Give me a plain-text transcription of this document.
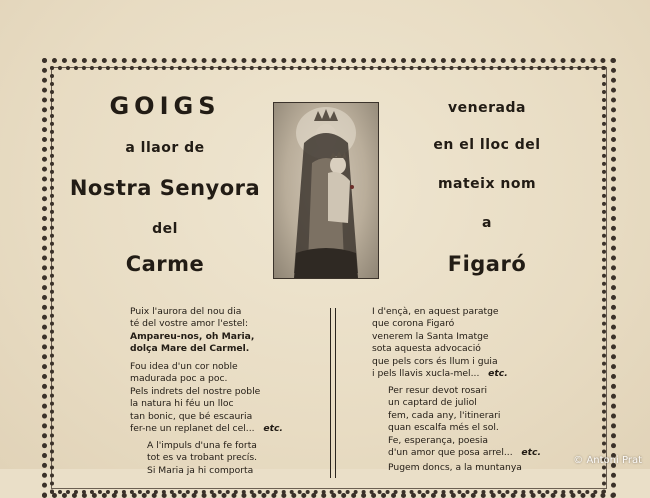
GOIGS
a llaor de
Nostra Senyora
del
Carme
venerada
en el lloc del
mateix nom
a
Figaró
Puix l'aurora del nou dia
té del vostre amor l'estel:
Ampareu-nos, oh Maria,
dolça Mare del Carmel.
Fou idea d'un cor noble
madurada poc a poc.
Pels indrets del nostre poble
la natura hi féu un lloc
tan bonic, que bé escauria
fer-ne un replanet del cel... etc.
A l'impuls d'una fe forta
tot es va trobant precís.
Si Maria ja hi comporta
I d'ençà, en aquest paratge
que corona Figaró
venerem la Santa Imatge
sota aquesta advocació
que pels cors és llum i guia
i pels llavis xucla-mel... etc.
Per resur devot rosari
un captard de juliol
fem, cada any, l'itinerari
quan escalfa més el sol.
Fe, esperança, poesia
d'un amor que posa arrel... etc.
Pugem doncs, a la muntanya
© Antoni Prat
